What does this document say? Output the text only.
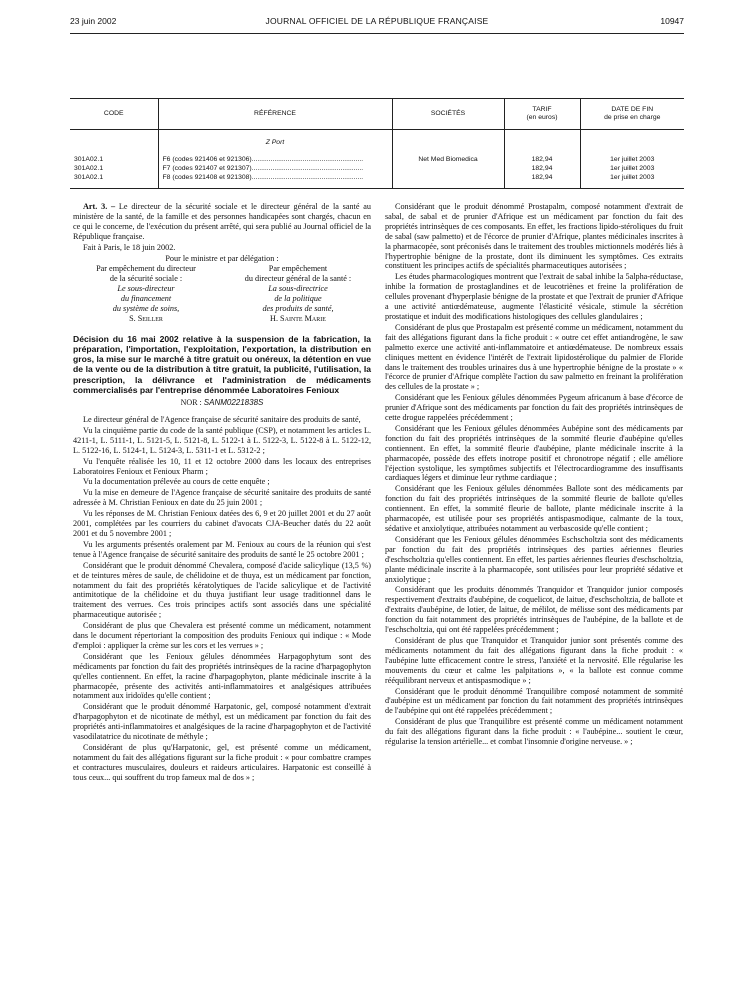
23 juin 2002	JOURNAL OFFICIEL DE LA RÉPUBLIQUE FRANÇAISE	10947
CODE	RÉFÉRENCE	SOCIÉTÉS	TARIF
(en euros)	DATE DE FIN
de prise en charge

	Z Port			

301A02.1	F6 (codes 921406 et 921306)...........................................................	Net Med Biomedica	182,94	1er juillet 2003
301A02.1	F7 (codes 921407 et 921307)...........................................................		182,94	1er juillet 2003
301A02.1	F8 (codes 921408 et 921308)...........................................................		182,94	1er juillet 2003

Art. 3. – Le directeur de la sécurité sociale et le directeur général de la santé au ministère de la santé, de la famille et des personnes handicapées sont chargés, chacun en ce qui le concerne, de l'exécution du présent arrêté, qui sera publié au Journal officiel de la République française.

Fait à Paris, le 18 juin 2002.

Pour le ministre et par délégation :

Par empêchement du directeur
de la sécurité sociale :
Le sous-directeur
du financement
du système de soins,
S. Seiller
Par empêchement
du directeur général de la santé :
La sous-directrice
de la politique
des produits de santé,
H. Sainte Marie
Décision du 16 mai 2002 relative à la suspension de la fabrication, la préparation, l'importation, l'exploitation, l'exportation, la distribution en gros, la mise sur le marché à titre gratuit ou onéreux, la détention en vue de la vente ou de la distribution à titre gratuit, la publicité, l'utilisation, la prescription, la délivrance et l'administration de médicaments commercialisés par l'entreprise dénommée Laboratoires Fenioux
NOR : SANM0221838S

Le directeur général de l'Agence française de sécurité sanitaire des produits de santé,

Vu la cinquième partie du code de la santé publique (CSP), et notamment les articles L. 4211-1, L. 5111-1, L. 5121-5, L. 5121-8, L. 5122-1 à L. 5122-3, L. 5122-8 à L. 5122-12, L. 5122-16, L. 5124-1, L. 5124-3, L. 5311-1 et L. 5312-2 ;

Vu l'enquête réalisée les 10, 11 et 12 octobre 2000 dans les locaux des entreprises Laboratoires Fenioux et Fenioux Pharm ;

Vu la documentation prélevée au cours de cette enquête ;

Vu la mise en demeure de l'Agence française de sécurité sanitaire des produits de santé adressée à M. Christian Fenioux en date du 25 juin 2001 ;

Vu les réponses de M. Christian Fenioux datées des 6, 9 et 20 juillet 2001 et du 27 août 2001, complétées par les courriers du cabinet d'avocats CJA-Beucher datés du 22 août 2001 et du 5 novembre 2001 ;

Vu les arguments présentés oralement par M. Fenioux au cours de la réunion qui s'est tenue à l'Agence française de sécurité sanitaire des produits de santé le 25 octobre 2001 ;

Considérant que le produit dénommé Chevalera, composé d'acide salicylique (13,5 %) et de teintures mères de saule, de chélidoine et de thuya, est un médicament par fonction, notamment du fait des propriétés kératolytiques de l'acide salicylique et de l'activité antimitotique de la chélidoine et du thuya justifiant leur usage traditionnel dans le traitement des verrues. Ces trois principes actifs sont associés dans une spécialité pharmaceutique autorisée ;

Considérant de plus que Chevalera est présenté comme un médicament, notamment dans le document répertoriant la composition des produits Fenioux qui indique : « Mode d'emploi : appliquer la crème sur les cors et les verrues » ;

Considérant que les Fenioux gélules dénommées Harpagophytum sont des médicaments par fonction du fait des propriétés intrinsèques de la racine d'harpagophyton qu'elles contiennent. En effet, la racine d'harpagophyton, plante médicinale inscrite à la pharmacopée, présente des activités anti-inflammatoires et analgésiques attribuées notamment aux iridoïdes qu'elle contient ;

Considérant que le produit dénommé Harpatonic, gel, composé notamment d'extrait d'harpagophyton et de nicotinate de méthyl, est un médicament par fonction du fait des propriétés anti-inflammatoires et analgésiques de la racine d'harpagophyton et de l'activité vasodilatatrice du nicotinate de méthyle ;

Considérant de plus qu'Harpatonic, gel, est présenté comme un médicament, notamment du fait des allégations figurant sur la fiche produit : « pour combattre crampes et contractures musculaires, douleurs et raideurs articulaires. Harpatonic est conseillé à tous ceux... qui souffrent du trop fameux mal de dos » ;

Considérant que le produit dénommé Prostapalm, composé notamment d'extrait de sabal, de sabal et de prunier d'Afrique est un médicament par fonction du fait des propriétés intrinsèques de ces composants. En effet, les fractions lipido-stéroliques du fruit de sabal (saw palmetto) et de l'écorce de prunier d'Afrique, plantes médicinales inscrites à la pharmacopée, sont préconisés dans le traitement des troubles mictionnels modérés liés à l'hypertrophie bénigne de la prostate, dont ils diminuent les symptômes. Ces extraits constituent les principes actifs de spécialités pharmaceutiques autorisées ;

Les études pharmacologiques montrent que l'extrait de sabal inhibe la 5alpha-réductase, inhibe la formation de prostaglandines et de leucotriènes et freine la prolifération de cellules provenant d'hyperplasie bénigne de la prostate et que l'extrait de prunier d'Afrique a une activité antiœdémateuse, augmente l'élasticité vésicale, stimule la sécrétion prostatique et induit des modifications histologiques des cellules glandulaires ;

Considérant de plus que Prostapalm est présenté comme un médicament, notamment du fait des allégations figurant dans la fiche produit : « outre cet effet antiandrogène, le saw palmetto exerce une activité anti-inflammatoire et antiœdémateuse. De nombreux essais cliniques mettent en évidence l'intérêt de l'extrait lipidostérolique du palmier de Floride dans le traitement des troubles urinaires dus à une hypertrophie bénigne de la prostate » « l'écorce de prunier d'Afrique complète l'action du saw palmetto en freinant la prolifération des cellules de la prostate » ;

Considérant que les Fenioux gélules dénommées Pygeum africanum à base d'écorce de prunier d'Afrique sont des médicaments par fonction du fait des propriétés intrinsèques de cette drogue rappelées précédemment ;

Considérant que les Fenioux gélules dénommées Aubépine sont des médicaments par fonction du fait des propriétés intrinsèques de la sommité fleurie d'aubépine qu'elles contiennent. En effet, la sommité fleurie d'aubépine, plante médicinale inscrite à la pharmacopée, possède des effets inotrope positif et chronotrope négatif ; elle améliore l'éjection systolique, les symptômes subjectifs et l'électrocardiogramme des insuffisants cardiaques légers et diminue leur rythme cardiaque ;

Considérant que les Fenioux gélules dénommées Ballote sont des médicaments par fonction du fait des propriétés intrinsèques de la sommité fleurie de ballote qu'elles contiennent. En effet, la sommité fleurie de ballote, plante médicinale inscrite à la pharmacopée, est utilisée pour ses propriétés antispasmodique, calmante de la toux, sédative et anxiolytique, attribuées notamment au verbascoside qu'elle contient ;

Considérant que les Fenioux gélules dénommées Eschscholtzia sont des médicaments par fonction du fait des propriétés intrinsèques des parties aériennes fleuries d'eschscholtzia qu'elles contiennent. En effet, les parties aériennes fleuries d'eschscholtzia, plante médicinale inscrite à la pharmacopée, sont utilisées pour leur propriété sédative et anxiolytique ;

Considérant que les produits dénommés Tranquidor et Tranquidor junior composés respectivement d'extraits d'aubépine, de coquelicot, de laitue, d'eschscholtzia, de ballote et d'extraits d'aubépine, de lotier, de laitue, de mélilot, de mélisse sont des médicaments par fonction du fait notamment des propriétés intrinsèques de l'aubépine, de la ballote et de l'eschscholtzia, qui ont été rappelées précédemment ;

Considérant de plus que Tranquidor et Tranquidor junior sont présentés comme des médicaments notamment du fait des allégations figurant dans la fiche produit : « l'aubépine lutte efficacement contre le stress, l'anxiété et la nervosité. Elle régularise les mouvements du cœur et calme les palpitations », « la ballote est connue comme rééquilibrant nerveux et antispasmodique » ;

Considérant que le produit dénommé Tranquilibre composé notamment de sommité d'aubépine est un médicament par fonction du fait notamment des propriétés intrinsèques de l'aubépine qui ont été rappelées précédemment ;

Considérant de plus que Tranquilibre est présenté comme un médicament notamment du fait des allégations figurant dans la fiche produit : « l'aubépine... soutient le cœur, régularise la tension artérielle... et combat l'insomnie d'origine nerveuse. » ;
